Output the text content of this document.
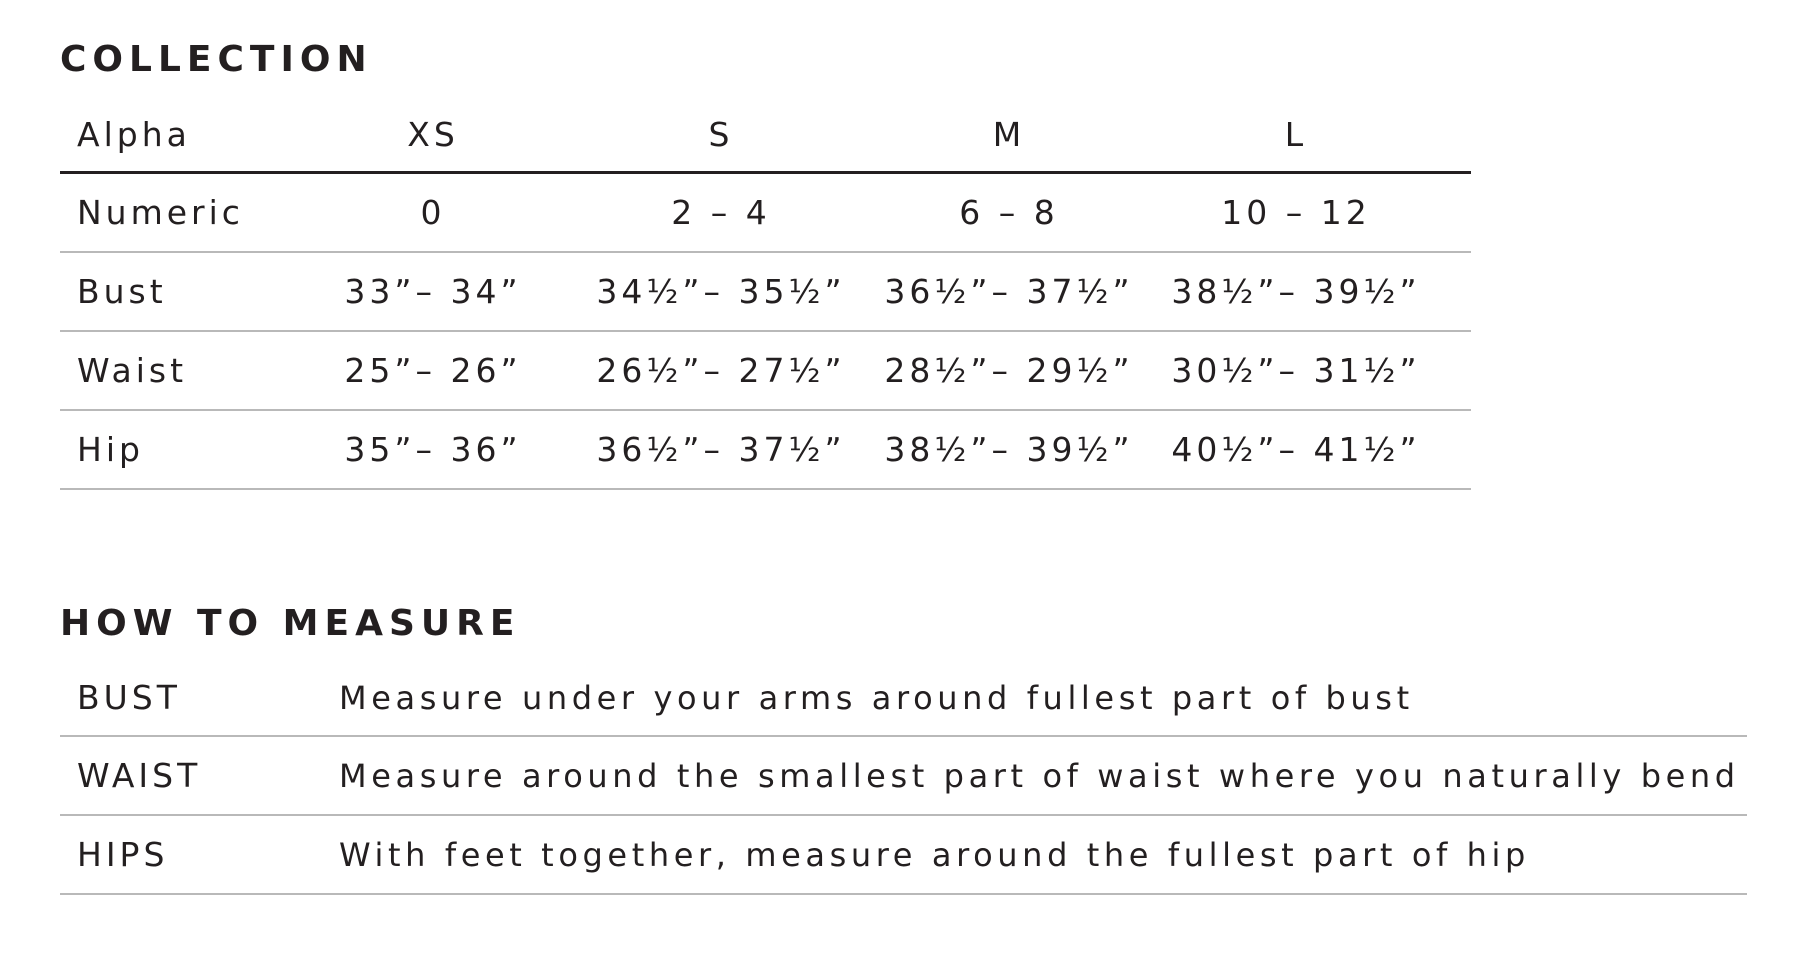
COLLECTION
Alpha	XS	S	M	L
Numeric	0	2 – 4	6 – 8	10 – 12
Bust	33”– 34”	34½”– 35½”	36½”– 37½”	38½”– 39½”
Waist	25”– 26”	26½”– 27½”	28½”– 29½”	30½”– 31½”
Hip	35”– 36”	36½”– 37½”	38½”– 39½”	40½”– 41½”
HOW TO MEASURE
BUST	Measure under your arms around fullest part of bust
WAIST	Measure around the smallest part of waist where you naturally bend
HIPS	With feet together, measure around the fullest part of hip
